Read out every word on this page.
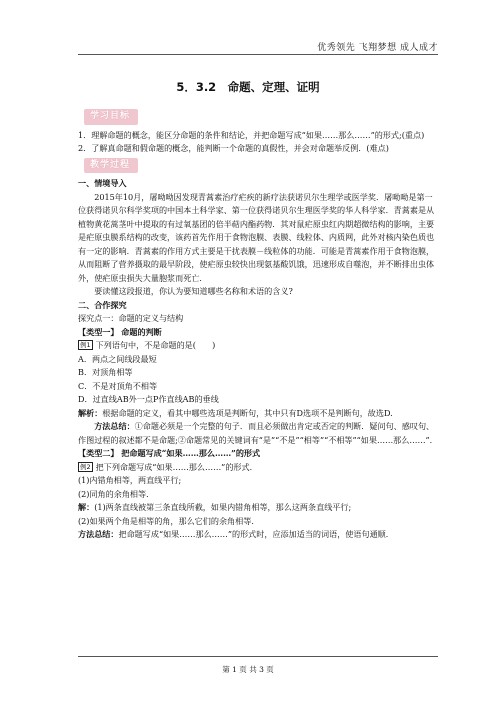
优秀领先 飞翔梦想 成人成才
5．3.2　命题、定理、证明
学习目标

1．理解命题的概念，能区分命题的条件和结论，并把命题写成“如果……那么……”的形式;(重点)

2．了解真命题和假命题的概念，能判断一个命题的真假性，并会对命题举反例．(难点)

教学过程

一、情境导入

2015年10月，屠呦呦因发现青蒿素治疗疟疾的新疗法获诺贝尔生理学或医学奖．屠呦呦是第一位获得诺贝尔科学奖项的中国本土科学家、第一位获得诺贝尔生理医学奖的华人科学家．青蒿素是从植物黄花蒿茎叶中提取的有过氧基团的倍半萜内酯药物．其对鼠疟原虫红内期超微结构的影响，主要是疟原虫膜系结构的改变，该药首先作用于食物泡膜、表膜、线粒体、内质网，此外对核内染色质也有一定的影响．青蒿素的作用方式主要是干扰表膜－线粒体的功能．可能是青蒿素作用于食物泡膜，从而阻断了营养摄取的最早阶段，使疟原虫较快出现氨基酸饥饿，迅速形成自噬泡，并不断排出虫体外，使疟原虫损失大量胞浆而死亡．

要读懂这段报道，你认为要知道哪些名称和术语的含义?

二、合作探究

探究点一：命题的定义与结构

【类型一】 命题的判断

例1 下列语句中，不是命题的是(　　)

A．两点之间线段最短

B．对顶角相等

C．不是对顶角不相等

D．过直线AB外一点P作直线AB的垂线

解析：根据命题的定义，看其中哪些选项是判断句，其中只有D选项不是判断句，故选D.

方法总结：①命题必须是一个完整的句子．而且必须做出肯定或否定的判断．疑问句、感叹句、作图过程的叙述都不是命题;②命题常见的关键词有“是”“不是”“相等”“不相等”“如果……那么……”．

【类型二】 把命题写成“如果……那么……”的形式

例2 把下列命题写成“如果……那么……”的形式．

(1)内错角相等，两直线平行;

(2)同角的余角相等．

解：(1)两条直线被第三条直线所截，如果内错角相等，那么这两条直线平行;

(2)如果两个角是相等的角，那么它们的余角相等．

方法总结：把命题写成“如果……那么……”的形式时，应添加适当的词语，使语句通顺．

第 1 页 共 3 页
